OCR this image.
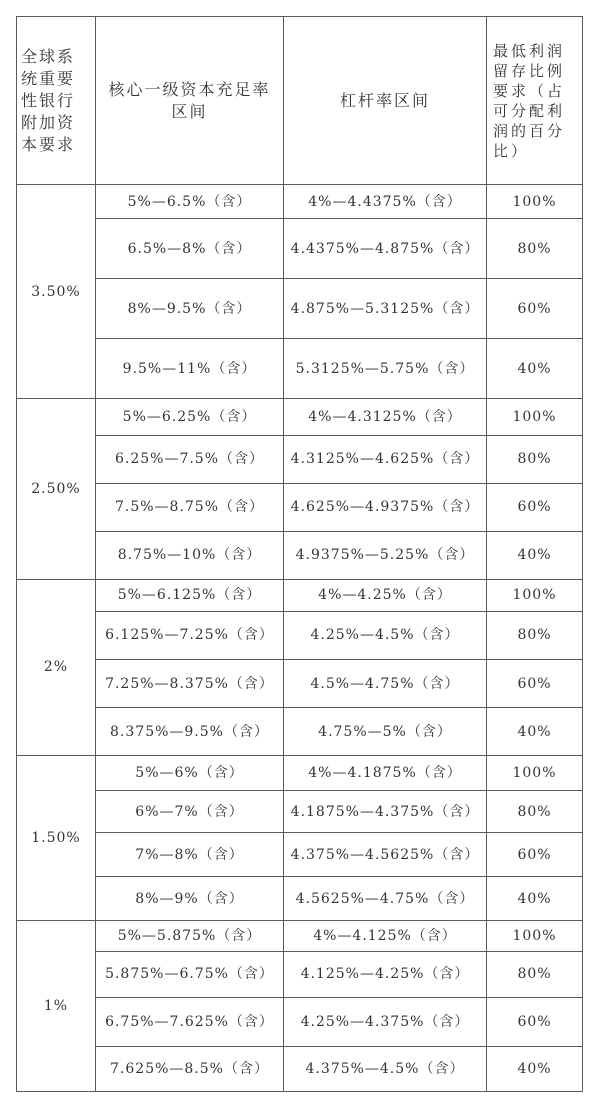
全球系统重要性银行附加资本要求	核心一级资本充足率区间	杠杆率区间	最低利润留存比例要求（占可分配利润的百分比）
3.50%	5%—6.5%（含）	4%—4.4375%（含）	100%
	6.5%—8%（含）	4.4375%—4.875%（含）	80%
	8%—9.5%（含）	4.875%—5.3125%（含）	60%
	9.5%—11%（含）	5.3125%—5.75%（含）	40%
2.50%	5%—6.25%（含）	4%—4.3125%（含）	100%
	6.25%—7.5%（含）	4.3125%—4.625%（含）	80%
	7.5%—8.75%（含）	4.625%—4.9375%（含）	60%
	8.75%—10%（含）	4.9375%—5.25%（含）	40%
2%	5%—6.125%（含）	4%—4.25%（含）	100%
	6.125%—7.25%（含）	4.25%—4.5%（含）	80%
	7.25%—8.375%（含）	4.5%—4.75%（含）	60%
	8.375%—9.5%（含）	4.75%—5%（含）	40%
1.50%	5%—6%（含）	4%—4.1875%（含）	100%
	6%—7%（含）	4.1875%—4.375%（含）	80%
	7%—8%（含）	4.375%—4.5625%（含）	60%
	8%—9%（含）	4.5625%—4.75%（含）	40%
1%	5%—5.875%（含）	4%—4.125%（含）	100%
	5.875%—6.75%（含）	4.125%—4.25%（含）	80%
	6.75%—7.625%（含）	4.25%—4.375%（含）	60%
	7.625%—8.5%（含）	4.375%—4.5%（含）	40%
